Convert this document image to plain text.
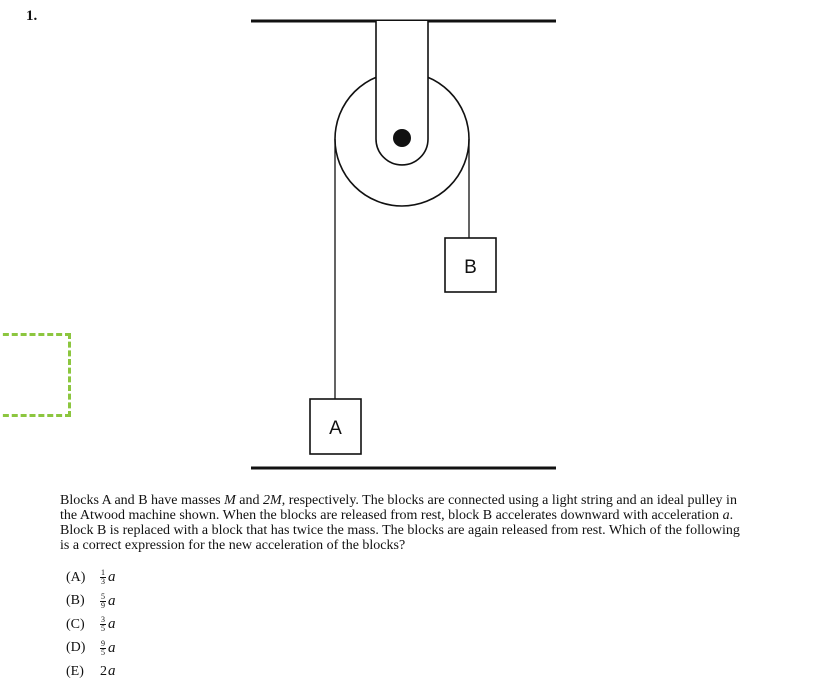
1.
A
B
Blocks A and B have masses M and 2M, respectively. The blocks are connected using a light string and an ideal pulley in the Atwood machine shown. When the blocks are released from rest, block B accelerates downward with acceleration a. Block B is replaced with a block that has twice the mass. The blocks are again released from rest. Which of the following is a correct expression for the new acceleration of the blocks?
(A)	$\frac{1}{3}$ a
(B)	$\frac{5}{9}$ a
(C)	$\frac{3}{5}$ a
(D)	$\frac{9}{5}$ a
(E)	2 a
